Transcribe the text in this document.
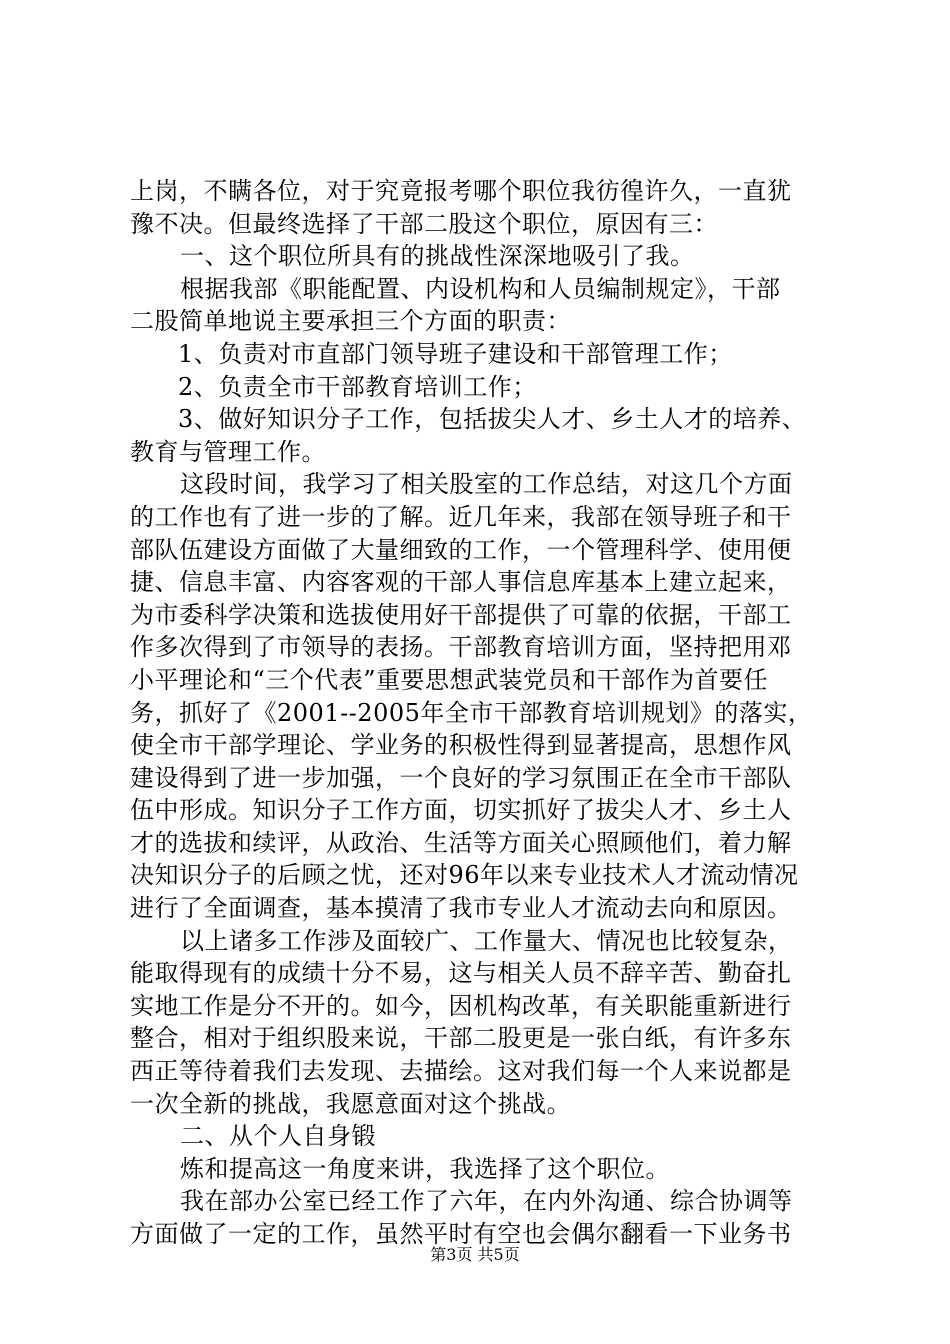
上岗，不瞒各位，对于究竟报考哪个职位我彷徨许久，一直犹
豫不决。但最终选择了干部二股这个职位，原因有三：
一、这个职位所具有的挑战性深深地吸引了我。
根据我部《职能配置、内设机构和人员编制规定》，干部
二股简单地说主要承担三个方面的职责：
1、负责对市直部门领导班子建设和干部管理工作；
2、负责全市干部教育培训工作；
3、做好知识分子工作，包括拔尖人才、乡土人才的培养、
教育与管理工作。
这段时间，我学习了相关股室的工作总结，对这几个方面
的工作也有了进一步的了解。近几年来，我部在领导班子和干
部队伍建设方面做了大量细致的工作，一个管理科学、使用便
捷、信息丰富、内容客观的干部人事信息库基本上建立起来，
为市委科学决策和选拔使用好干部提供了可靠的依据，干部工
作多次得到了市领导的表扬。干部教育培训方面，坚持把用邓
小平理论和“三个代表”重要思想武装党员和干部作为首要任
务，抓好了《2001--2005年全市干部教育培训规划》的落实，
使全市干部学理论、学业务的积极性得到显著提高，思想作风
建设得到了进一步加强，一个良好的学习氛围正在全市干部队
伍中形成。知识分子工作方面，切实抓好了拔尖人才、乡土人
才的选拔和续评，从政治、生活等方面关心照顾他们，着力解
决知识分子的后顾之忧，还对96年以来专业技术人才流动情况
进行了全面调查，基本摸清了我市专业人才流动去向和原因。
以上诸多工作涉及面较广、工作量大、情况也比较复杂，
能取得现有的成绩十分不易，这与相关人员不辞辛苦、勤奋扎
实地工作是分不开的。如今，因机构改革，有关职能重新进行
整合，相对于组织股来说，干部二股更是一张白纸，有许多东
西正等待着我们去发现、去描绘。这对我们每一个人来说都是
一次全新的挑战，我愿意面对这个挑战。
二、从个人自身锻
炼和提高这一角度来讲，我选择了这个职位。
我在部办公室已经工作了六年，在内外沟通、综合协调等
方面做了一定的工作，虽然平时有空也会偶尔翻看一下业务书
第3页 共5页
